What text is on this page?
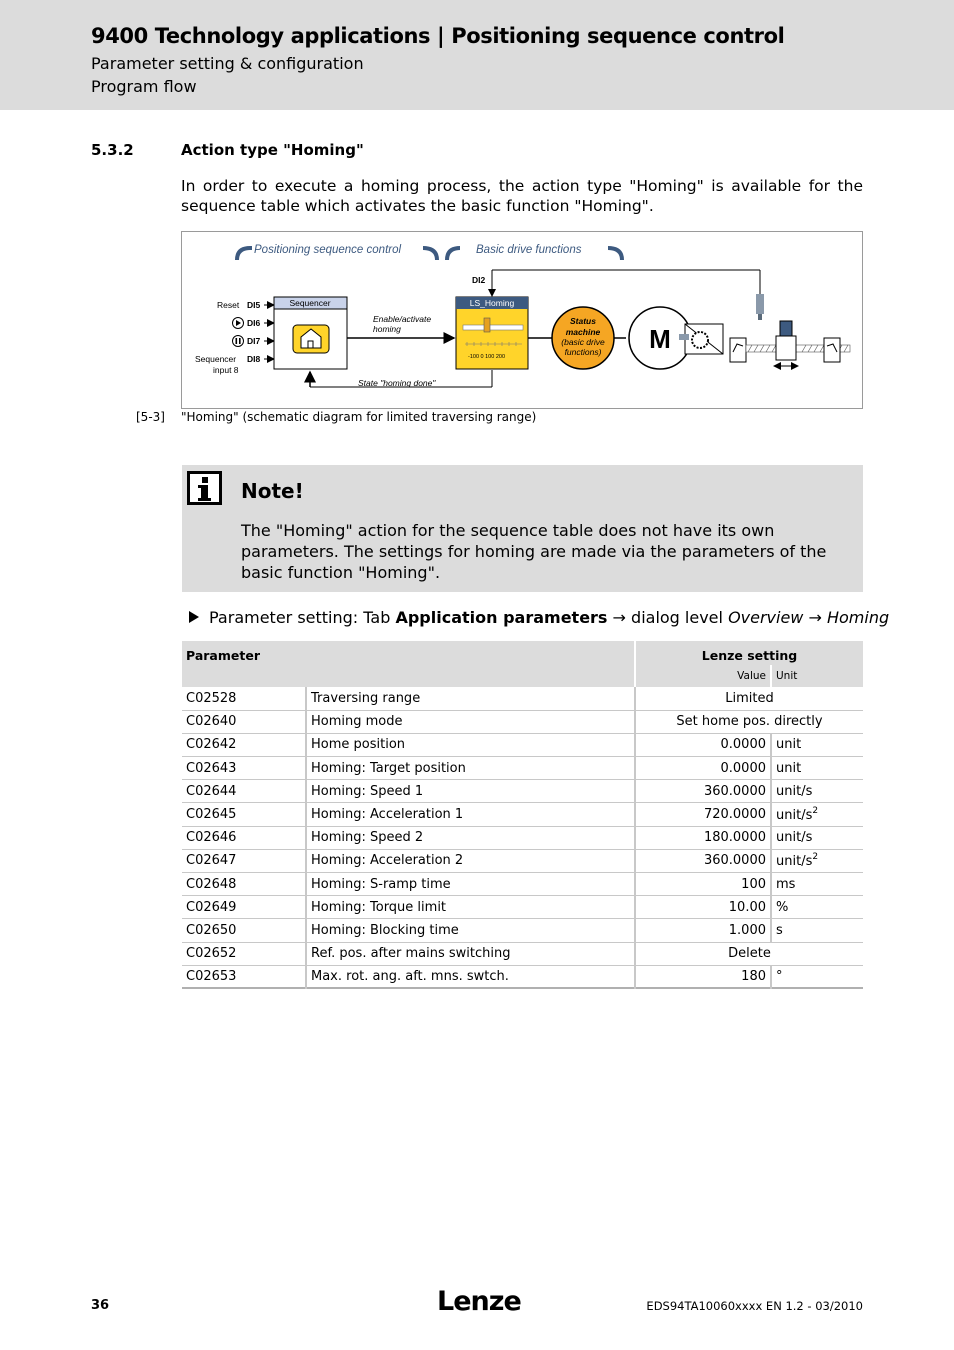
9400 Technology applications | Positioning sequence control
Parameter setting & configuration
Program flow
5.3.2	Action type "Homing"
In order to execute a homing process, the action type "Homing" is available for the
sequence table which activates the basic function "Homing".
Positioning sequence control	Basic drive functions
DI2
Reset DI5
DI6
DI7
Sequencer
input 8
DI8
Sequencer
Enable/activate
homing
State "homing done"
LS_Homing
-100 0 100 200
Status
machine
(basic drive
functions) M
[5-3] "Homing" (schematic diagram for limited traversing range)
Note!
The "Homing" action for the sequence table does not have its own parameters. The settings for homing are made via the parameters of the basic function "Homing".
Parameter setting: Tab Application parameters → dialog level Overview → Homing
Parameter		Lenze setting	
		Value	Unit
C02528	Traversing range	Limited	
C02640	Homing mode	Set home pos. directly	
C02642	Home position	0.0000	unit
C02643	Homing: Target position	0.0000	unit
C02644	Homing: Speed 1	360.0000	unit/s
C02645	Homing: Acceleration 1	720.0000	unit/$s^2$
C02646	Homing: Speed 2	180.0000	unit/s
C02647	Homing: Acceleration 2	360.0000	unit/$s^2$
C02648	Homing: S-ramp time	100	ms
C02649	Homing: Torque limit	10.00	%
C02650	Homing: Blocking time	1.000	s
C02652	Ref. pos. after mains switching	Delete	
C02653	Max. rot. ang. aft. mns. swtch.	180	°
36	Lenze	EDS94TA10060xxxx EN 1.2 - 03/2010
